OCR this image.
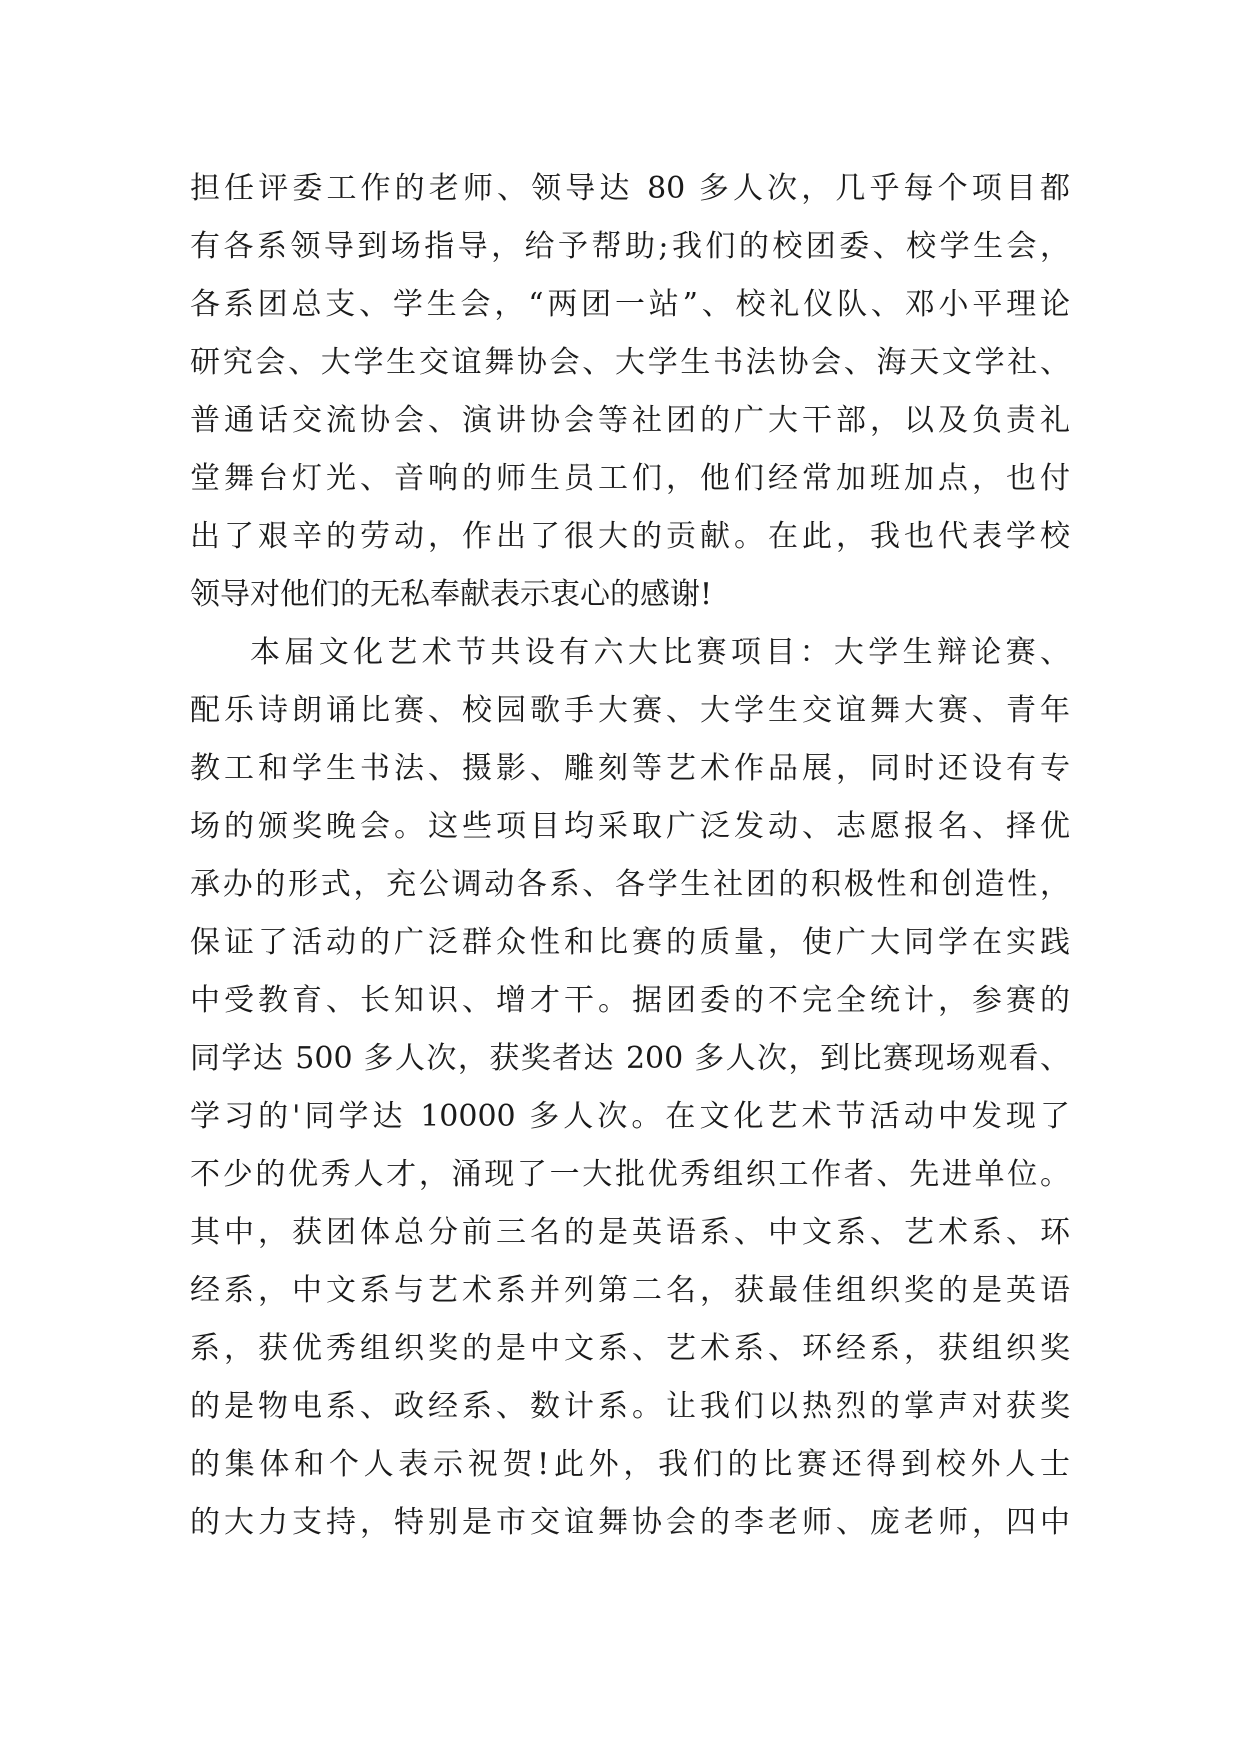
担任评委工作的老师、领导达 80 多人次，几乎每个项目都
有各系领导到场指导，给予帮助;我们的校团委、校学生会，
各系团总支、学生会，“两团一站”、校礼仪队、邓小平理论
研究会、大学生交谊舞协会、大学生书法协会、海天文学社、
普通话交流协会、演讲协会等社团的广大干部，以及负责礼
堂舞台灯光、音响的师生员工们，他们经常加班加点，也付
出了艰辛的劳动，作出了很大的贡献。在此，我也代表学校
领导对他们的无私奉献表示衷心的感谢!
本届文化艺术节共设有六大比赛项目：大学生辩论赛、
配乐诗朗诵比赛、校园歌手大赛、大学生交谊舞大赛、青年
教工和学生书法、摄影、雕刻等艺术作品展，同时还设有专
场的颁奖晚会。这些项目均采取广泛发动、志愿报名、择优
承办的形式，充公调动各系、各学生社团的积极性和创造性，
保证了活动的广泛群众性和比赛的质量，使广大同学在实践
中受教育、长知识、增才干。据团委的不完全统计，参赛的
同学达 500 多人次，获奖者达 200 多人次，到比赛现场观看、
学习的'同学达 10000 多人次。在文化艺术节活动中发现了
不少的优秀人才，涌现了一大批优秀组织工作者、先进单位。
其中，获团体总分前三名的是英语系、中文系、艺术系、环
经系，中文系与艺术系并列第二名，获最佳组织奖的是英语
系，获优秀组织奖的是中文系、艺术系、环经系，获组织奖
的是物电系、政经系、数计系。让我们以热烈的掌声对获奖
的集体和个人表示祝贺!此外，我们的比赛还得到校外人士
的大力支持，特别是市交谊舞协会的李老师、庞老师，四中
